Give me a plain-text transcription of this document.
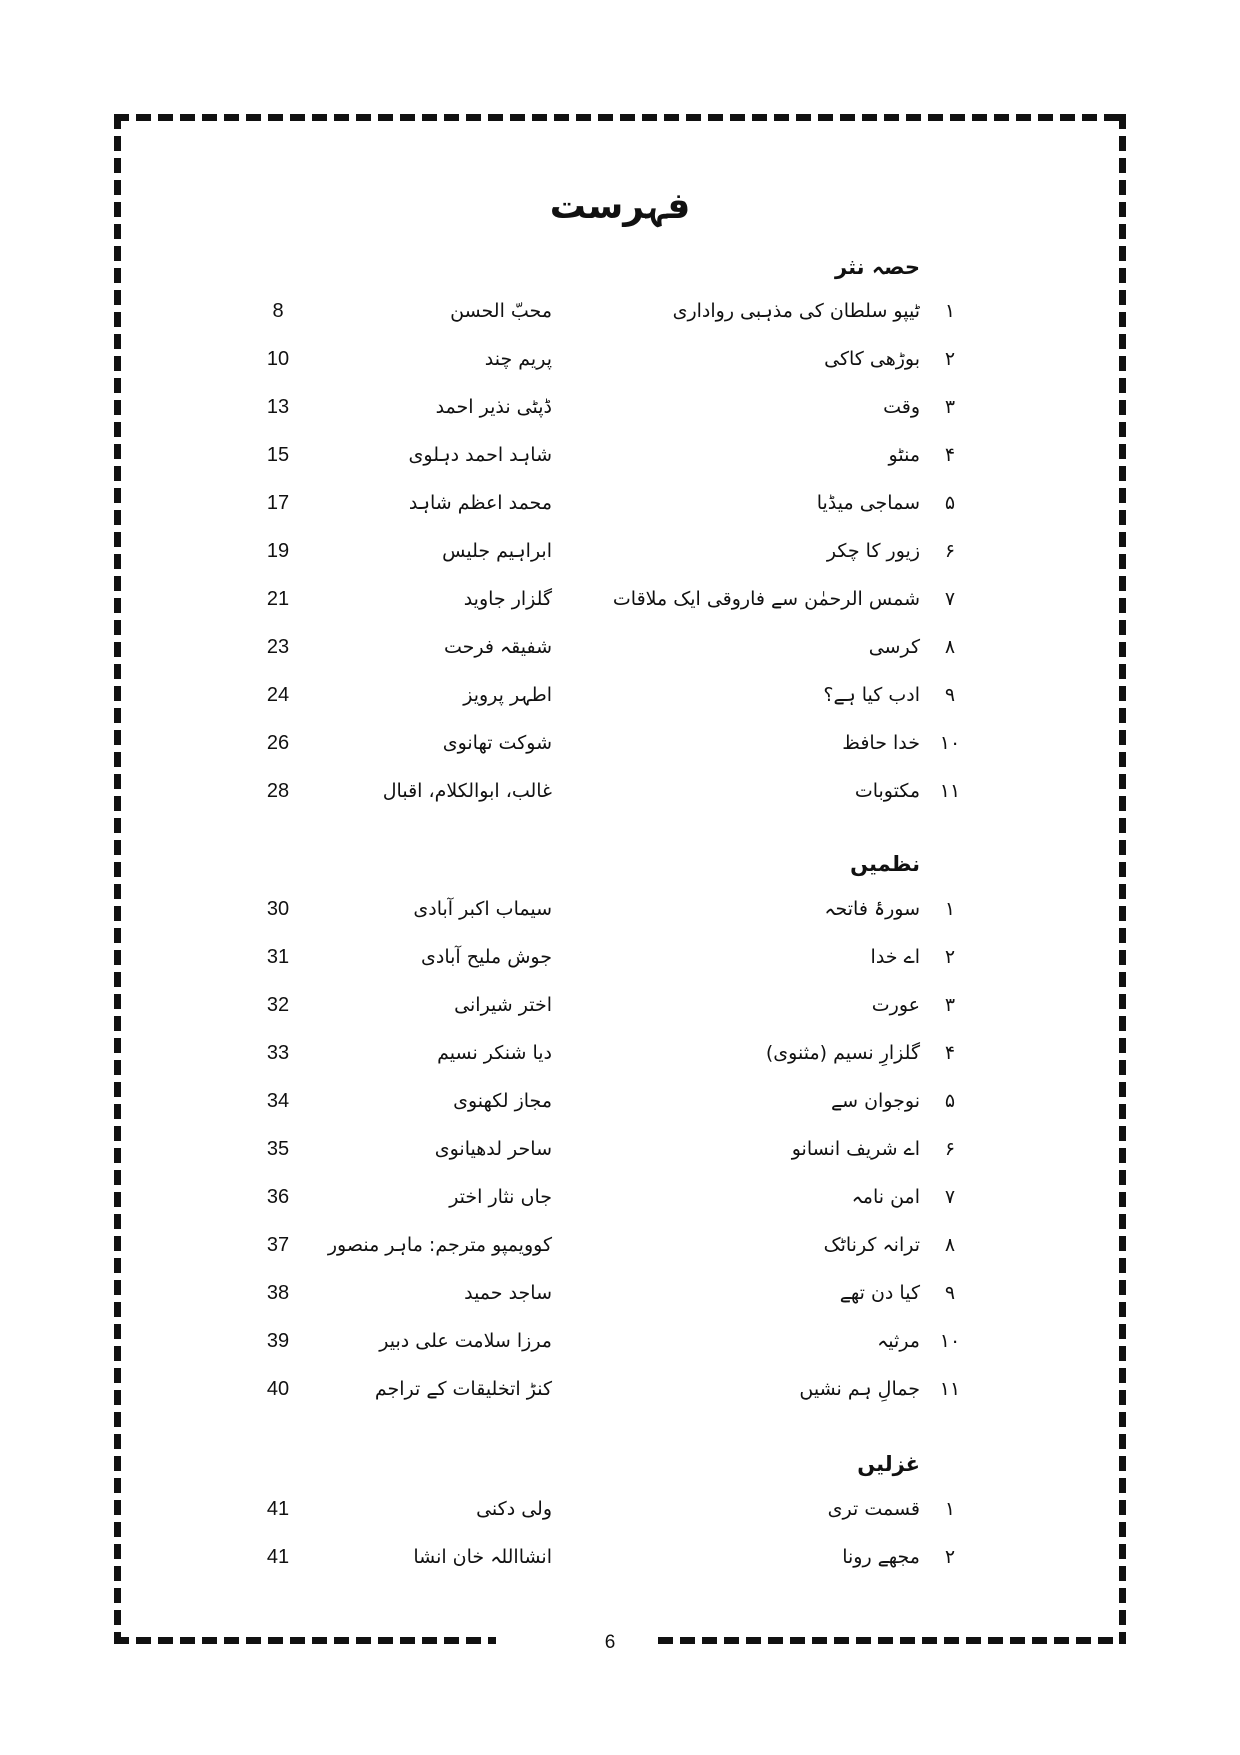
فہرست
حصہ نثر
۱
ٹیپو سلطان کی مذہبی رواداری
محبّ الحسن
8
۲
بوڑھی کاکی
پریم چند
10
۳
وقت
ڈپٹی نذیر احمد
13
۴
منٹو
شاہد احمد دہلوی
15
۵
سماجی میڈیا
محمد اعظم شاہد
17
۶
زیور کا چکر
ابراہیم جلیس
19
۷
شمس الرحمٰن سے فاروقی ایک ملاقات
گلزار جاوید
21
۸
کرسی
شفیقہ فرحت
23
۹
ادب کیا ہے؟
اطہر پرویز
24
۱۰
خدا حافظ
شوکت تھانوی
26
۱۱
مکتوبات
غالب، ابوالکلام، اقبال
28
نظمیں
۱
سورۂ فاتحہ
سیماب اکبر آبادی
30
۲
اے خدا
جوش ملیح آبادی
31
۳
عورت
اختر شیرانی
32
۴
گلزارِ نسیم (مثنوی)
دیا شنکر نسیم
33
۵
نوجوان سے
مجاز لکھنوی
34
۶
اے شریف انسانو
ساحر لدھیانوی
35
۷
امن نامہ
جاں نثار اختر
36
۸
ترانہ کرناٹک
کوویمپو مترجم: ماہر منصور
37
۹
کیا دن تھے
ساجد حمید
38
۱۰
مرثیہ
مرزا سلامت علی دبیر
39
۱۱
جمالِ ہم نشیں
کنڑ اتخلیقات کے تراجم
40
غزلیں
۱
قسمت تری
ولی دکنی
41
۲
مجھے رونا
انشااللہ خان انشا
41
6
